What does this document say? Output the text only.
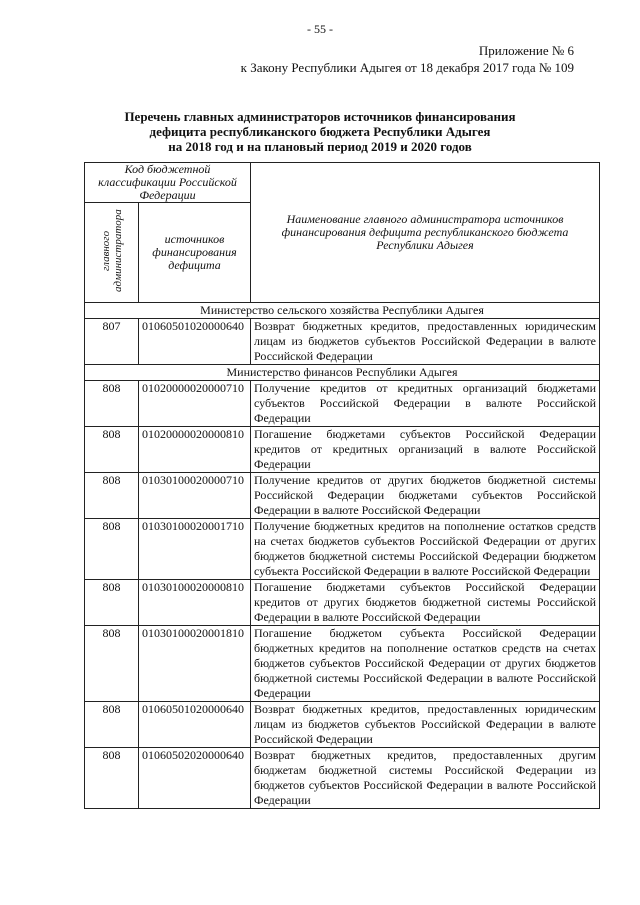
- 55 -
Приложение № 6
к Закону Республики Адыгея от 18 декабря 2017 года № 109
Перечень главных администраторов источников финансирования
дефицита республиканского бюджета Республики Адыгея
на 2018 год и на плановый период 2019 и 2020 годов
Код бюджетной классификации Российской Федерации		Наименование главного администратора источников финансирования дефицита республиканского бюджета Республики Адыгея
главного администратора	источников финансирования дефицита	
Министерство сельского хозяйства Республики Адыгея		
807	01060501020000640	Возврат бюджетных кредитов, предоставленных юридическим лицам из бюджетов субъектов Российской Федерации в валюте Российской Федерации
Министерство финансов Республики Адыгея		
808	01020000020000710	Получение кредитов от кредитных организаций бюджетами субъектов Российской Федерации в валюте Российской Федерации
808	01020000020000810	Погашение бюджетами субъектов Российской Федерации кредитов от кредитных организаций в валюте Российской Федерации
808	01030100020000710	Получение кредитов от других бюджетов бюджетной системы Российской Федерации бюджетами субъектов Российской Федерации в валюте Российской Федерации
808	01030100020001710	Получение бюджетных кредитов на пополнение остатков средств на счетах бюджетов субъектов Российской Федерации от других бюджетов бюджетной системы Российской Федерации бюджетом субъекта Российской Федерации в валюте Российской Федерации
808	01030100020000810	Погашение бюджетами субъектов Российской Федерации кредитов от других бюджетов бюджетной системы Российской Федерации в валюте Российской Федерации
808	01030100020001810	Погашение бюджетом субъекта Российской Федерации бюджетных кредитов на пополнение остатков средств на счетах бюджетов субъектов Российской Федерации от других бюджетов бюджетной системы Российской Федерации в валюте Российской Федерации
808	01060501020000640	Возврат бюджетных кредитов, предоставленных юридическим лицам из бюджетов субъектов Российской Федерации в валюте Российской Федерации
808	01060502020000640	Возврат бюджетных кредитов, предоставленных другим бюджетам бюджетной системы Российской Федерации из бюджетов субъектов Российской Федерации в валюте Российской Федерации
